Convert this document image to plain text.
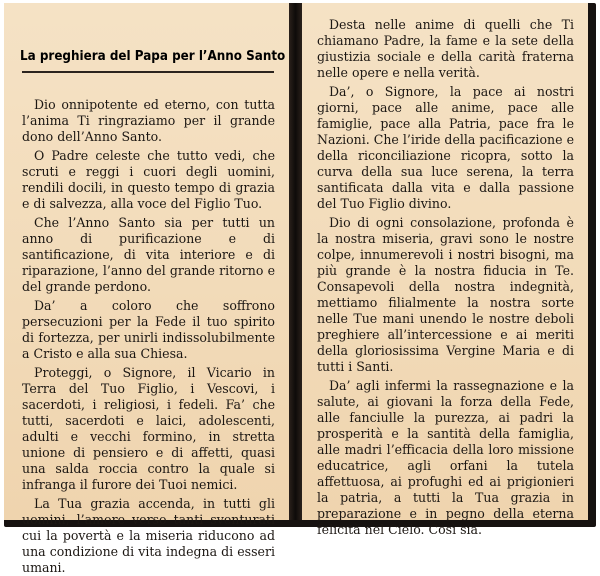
Dio onnipotente ed eterno, con tutta l’anima Ti ringraziamo per il grande dono dell’Anno Santo.

O Padre celeste che tutto vedi, che scruti e reggi i cuori degli uomini, rendili docili, in questo tempo di grazia e di salvezza, alla voce del Figlio Tuo.

Che l’Anno Santo sia per tutti un anno di purificazione e di santificazione, di vita interiore e di riparazione, l’anno del grande ritorno e del grande perdono.

Da’ a coloro che soffrono persecuzioni per la Fede il tuo spirito di fortezza, per unirli indissolubilmente a Cristo e alla sua Chiesa.

Proteggi, o Signore, il Vicario in Terra del Tuo Figlio, i Vescovi, i sacerdoti, i religiosi, i fedeli. Fa’ che tutti, sacerdoti e laici, adolescenti, adulti e vecchi formino, in stretta unione di pensiero e di affetti, quasi una salda roccia contro la quale si infranga il furore dei Tuoi nemici.

La Tua grazia accenda, in tutti gli uomini, l’amore verso tanti sventurati cui la povertà e la miseria riducono ad una condizione di vita indegna di esseri umani.

La preghiera del Papa per l’Anno Santo

Desta nelle anime di quelli che Ti chiamano Padre, la fame e la sete della giustizia sociale e della carità fraterna nelle opere e nella verità.

Da’, o Signore, la pace ai nostri giorni, pace alle anime, pace alle famiglie, pace alla Patria, pace fra le Nazioni. Che l’iride della pacificazione e della riconciliazione ricopra, sotto la curva della sua luce serena, la terra santificata dalla vita e dalla passione del Tuo Figlio divino.

Dio di ogni consolazione, profonda è la nostra miseria, gravi sono le nostre colpe, innumerevoli i nostri bisogni, ma più grande è la nostra fiducia in Te. Consapevoli della nostra indegnità, mettiamo filialmente la nostra sorte nelle Tue mani unendo le nostre deboli preghiere all’intercessione e ai meriti della gloriosissima Vergine Maria e di tutti i Santi.

Da’ agli infermi la rassegnazione e la salute, ai giovani la forza della Fede, alle fanciulle la purezza, ai padri la prosperità e la santità della famiglia, alle madri l’efficacia della loro missione educatrice, agli orfani la tutela affettuosa, ai profughi ed ai prigionieri la patria, a tutti la Tua grazia in preparazione e in pegno della eterna felicità nel Cielo. Così sia.
